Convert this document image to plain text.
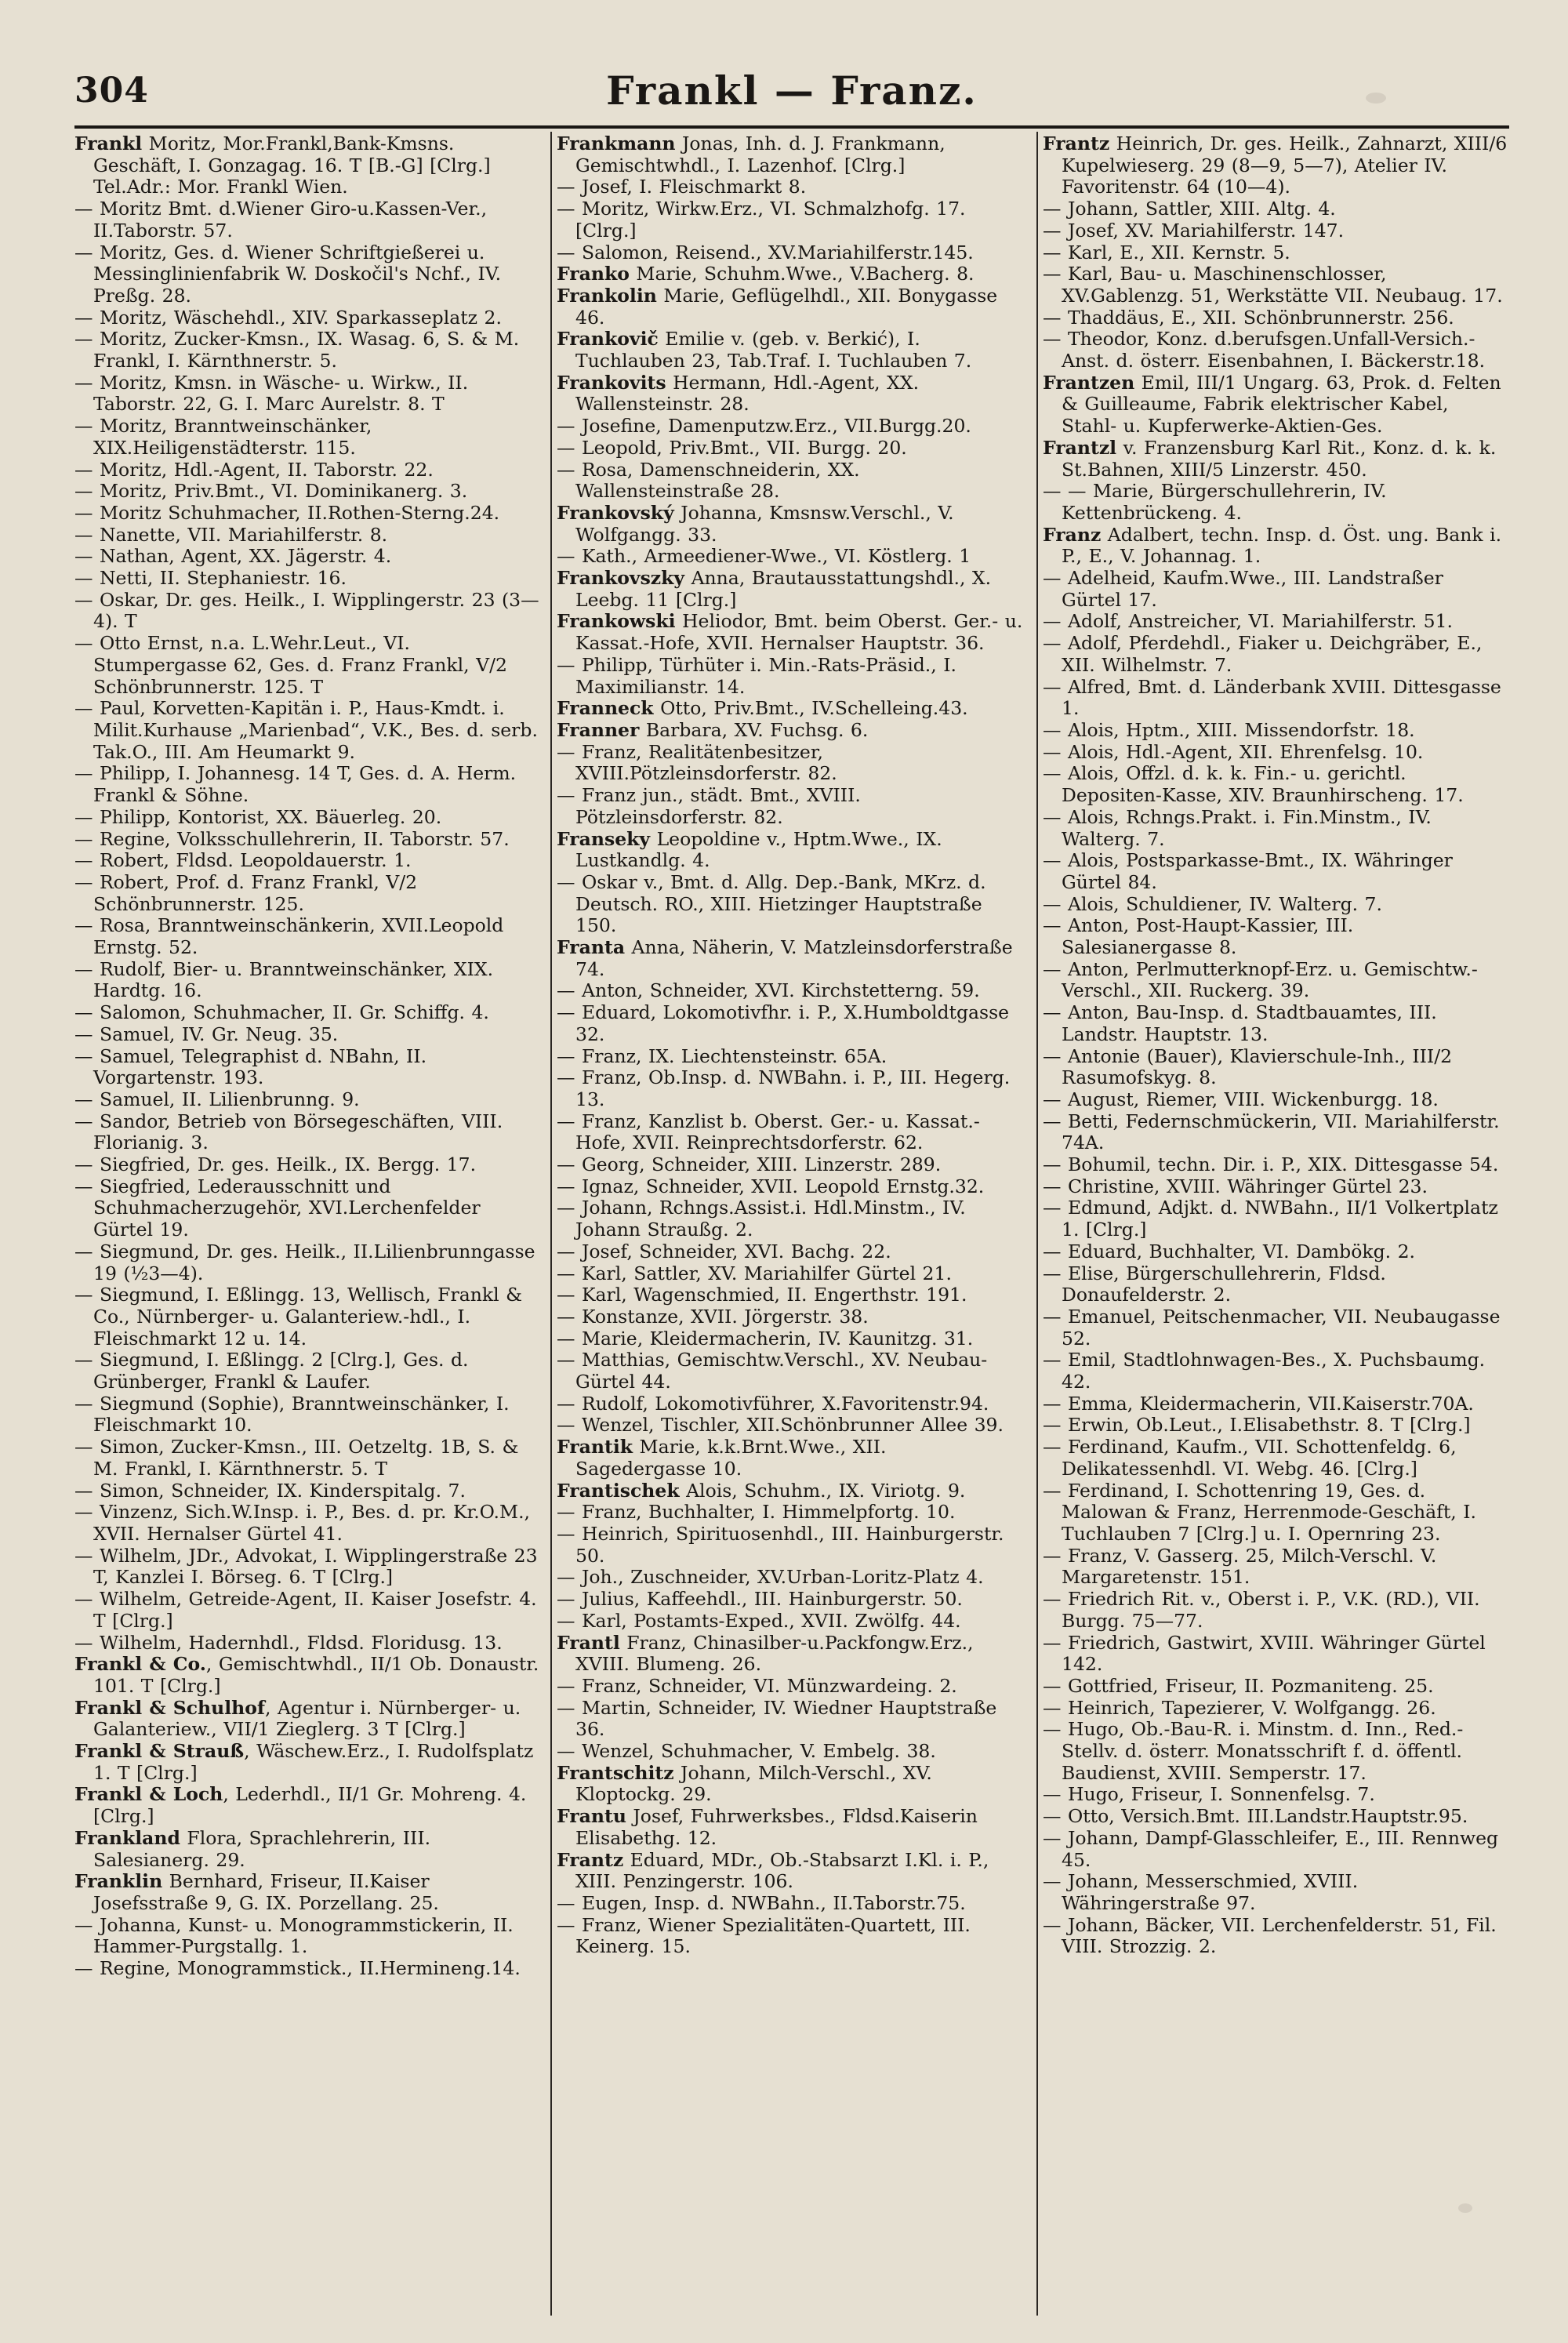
304	Frankl — Franz.
Frankl Moritz, Mor.Frankl,Bank-Kmsns. Geschäft, I. Gonzagag. 16. T [B.-G] [Clrg.] Tel.Adr.: Mor. Frankl Wien.
— Moritz Bmt. d.Wiener Giro-u.Kassen-Ver., II.Taborstr. 57.
— Moritz, Ges. d. Wiener Schriftgießerei u. Messinglinienfabrik W. Doskočil's Nchf., IV. Preßg. 28.
— Moritz, Wäschehdl., XIV. Sparkasseplatz 2.
— Moritz, Zucker-Kmsn., IX. Wasag. 6, S. & M. Frankl, I. Kärnthnerstr. 5.
— Moritz, Kmsn. in Wäsche- u. Wirkw., II. Taborstr. 22, G. I. Marc Aurelstr. 8. T
— Moritz, Branntweinschänker, XIX.Heiligenstädterstr. 115.
— Moritz, Hdl.-Agent, II. Taborstr. 22.
— Moritz, Priv.Bmt., VI. Dominikanerg. 3.
— Moritz Schuhmacher, II.Rothen-Sterng.24.
— Nanette, VII. Mariahilferstr. 8.
— Nathan, Agent, XX. Jägerstr. 4.
— Netti, II. Stephaniestr. 16.
— Oskar, Dr. ges. Heilk., I. Wipplingerstr. 23 (3—4). T
— Otto Ernst, n.a. L.Wehr.Leut., VI. Stumpergasse 62, Ges. d. Franz Frankl, V/2 Schönbrunnerstr. 125. T
— Paul, Korvetten-Kapitän i. P., Haus-Kmdt. i. Milit.Kurhause „Marienbad“, V.K., Bes. d. serb. Tak.O., III. Am Heumarkt 9.
— Philipp, I. Johannesg. 14 T, Ges. d. A. Herm. Frankl & Söhne.
— Philipp, Kontorist, XX. Bäuerleg. 20.
— Regine, Volksschullehrerin, II. Taborstr. 57.
— Robert, Fldsd. Leopoldauerstr. 1.
— Robert, Prof. d. Franz Frankl, V/2 Schönbrunnerstr. 125.
— Rosa, Branntweinschänkerin, XVII.Leopold Ernstg. 52.
— Rudolf, Bier- u. Branntweinschänker, XIX. Hardtg. 16.
— Salomon, Schuhmacher, II. Gr. Schiffg. 4.
— Samuel, IV. Gr. Neug. 35.
— Samuel, Telegraphist d. NBahn, II. Vorgartenstr. 193.
— Samuel, II. Lilienbrunng. 9.
— Sandor, Betrieb von Börsegeschäften, VIII. Florianig. 3.
— Siegfried, Dr. ges. Heilk., IX. Bergg. 17.
— Siegfried, Lederausschnitt und Schuhmacherzugehör, XVI.Lerchenfelder Gürtel 19.
— Siegmund, Dr. ges. Heilk., II.Lilienbrunngasse 19 (½3—4).
— Siegmund, I. Eßlingg. 13, Wellisch, Frankl & Co., Nürnberger- u. Galanteriew.-hdl., I. Fleischmarkt 12 u. 14.
— Siegmund, I. Eßlingg. 2 [Clrg.], Ges. d. Grünberger, Frankl & Laufer.
— Siegmund (Sophie), Branntweinschänker, I. Fleischmarkt 10.
— Simon, Zucker-Kmsn., III. Oetzeltg. 1B, S. & M. Frankl, I. Kärnthnerstr. 5. T
— Simon, Schneider, IX. Kinderspitalg. 7.
— Vinzenz, Sich.W.Insp. i. P., Bes. d. pr. Kr.O.M., XVII. Hernalser Gürtel 41.
— Wilhelm, JDr., Advokat, I. Wipplingerstraße 23 T, Kanzlei I. Börseg. 6. T [Clrg.]
— Wilhelm, Getreide-Agent, II. Kaiser Josefstr. 4. T [Clrg.]
— Wilhelm, Hadernhdl., Fldsd. Floridusg. 13.
Frankl & Co., Gemischtwhdl., II/1 Ob. Donaustr. 101. T [Clrg.]
Frankl & Schulhof, Agentur i. Nürnberger- u. Galanteriew., VII/1 Zieglerg. 3 T [Clrg.]
Frankl & Strauß, Wäschew.Erz., I. Rudolfsplatz 1. T [Clrg.]
Frankl & Loch, Lederhdl., II/1 Gr. Mohreng. 4. [Clrg.]
Frankland Flora, Sprachlehrerin, III. Salesianerg. 29.
Franklin Bernhard, Friseur, II.Kaiser Josefsstraße 9, G. IX. Porzellang. 25.
— Johanna, Kunst- u. Monogrammstickerin, II. Hammer-Purgstallg. 1.
— Regine, Monogrammstick., II.Hermineng.14.
Frankmann Jonas, Inh. d. J. Frankmann, Gemischtwhdl., I. Lazenhof. [Clrg.]
— Josef, I. Fleischmarkt 8.
— Moritz, Wirkw.Erz., VI. Schmalzhofg. 17. [Clrg.]
— Salomon, Reisend., XV.Mariahilferstr.145.
Franko Marie, Schuhm.Wwe., V.Bacherg. 8.
Frankolin Marie, Geflügelhdl., XII. Bonygasse 46.
Frankovič Emilie v. (geb. v. Berkić), I. Tuchlauben 23, Tab.Traf. I. Tuchlauben 7.
Frankovits Hermann, Hdl.-Agent, XX. Wallensteinstr. 28.
— Josefine, Damenputzw.Erz., VII.Burgg.20.
— Leopold, Priv.Bmt., VII. Burgg. 20.
— Rosa, Damenschneiderin, XX. Wallensteinstraße 28.
Frankovský Johanna, Kmsnsw.Verschl., V. Wolfgangg. 33.
— Kath., Armeediener-Wwe., VI. Köstlerg. 1
Frankovszky Anna, Brautausstattungshdl., X. Leebg. 11 [Clrg.]
Frankowski Heliodor, Bmt. beim Oberst. Ger.- u. Kassat.-Hofe, XVII. Hernalser Hauptstr. 36.
— Philipp, Türhüter i. Min.-Rats-Präsid., I. Maximilianstr. 14.
Franneck Otto, Priv.Bmt., IV.Schelleing.43.
Franner Barbara, XV. Fuchsg. 6.
— Franz, Realitätenbesitzer, XVIII.Pötzleinsdorferstr. 82.
— Franz jun., städt. Bmt., XVIII. Pötzleinsdorferstr. 82.
Franseky Leopoldine v., Hptm.Wwe., IX. Lustkandlg. 4.
— Oskar v., Bmt. d. Allg. Dep.-Bank, MKrz. d. Deutsch. RO., XIII. Hietzinger Hauptstraße 150.
Franta Anna, Näherin, V. Matzleinsdorferstraße 74.
— Anton, Schneider, XVI. Kirchstetterng. 59.
— Eduard, Lokomotivfhr. i. P., X.Humboldtgasse 32.
— Franz, IX. Liechtensteinstr. 65A.
— Franz, Ob.Insp. d. NWBahn. i. P., III. Hegerg. 13.
— Franz, Kanzlist b. Oberst. Ger.- u. Kassat.-Hofe, XVII. Reinprechtsdorferstr. 62.
— Georg, Schneider, XIII. Linzerstr. 289.
— Ignaz, Schneider, XVII. Leopold Ernstg.32.
— Johann, Rchngs.Assist.i. Hdl.Minstm., IV. Johann Straußg. 2.
— Josef, Schneider, XVI. Bachg. 22.
— Karl, Sattler, XV. Mariahilfer Gürtel 21.
— Karl, Wagenschmied, II. Engerthstr. 191.
— Konstanze, XVII. Jörgerstr. 38.
— Marie, Kleidermacherin, IV. Kaunitzg. 31.
— Matthias, Gemischtw.Verschl., XV. Neubau-Gürtel 44.
— Rudolf, Lokomotivführer, X.Favoritenstr.94.
— Wenzel, Tischler, XII.Schönbrunner Allee 39.
Frantik Marie, k.k.Brnt.Wwe., XII. Sagedergasse 10.
Frantischek Alois, Schuhm., IX. Viriotg. 9.
— Franz, Buchhalter, I. Himmelpfortg. 10.
— Heinrich, Spirituosenhdl., III. Hainburgerstr. 50.
— Joh., Zuschneider, XV.Urban-Loritz-Platz 4.
— Julius, Kaffeehdl., III. Hainburgerstr. 50.
— Karl, Postamts-Exped., XVII. Zwölfg. 44.
Frantl Franz, Chinasilber-u.Packfongw.Erz., XVIII. Blumeng. 26.
— Franz, Schneider, VI. Münzwardeing. 2.
— Martin, Schneider, IV. Wiedner Hauptstraße 36.
— Wenzel, Schuhmacher, V. Embelg. 38.
Frantschitz Johann, Milch-Verschl., XV. Kloptockg. 29.
Frantu Josef, Fuhrwerksbes., Fldsd.Kaiserin Elisabethg. 12.
Frantz Eduard, MDr., Ob.-Stabsarzt I.Kl. i. P., XIII. Penzingerstr. 106.
— Eugen, Insp. d. NWBahn., II.Taborstr.75.
— Franz, Wiener Spezialitäten-Quartett, III. Keinerg. 15.
Frantz Heinrich, Dr. ges. Heilk., Zahnarzt, XIII/6 Kupelwieserg. 29 (8—9, 5—7), Atelier IV. Favoritenstr. 64 (10—4).
— Johann, Sattler, XIII. Altg. 4.
— Josef, XV. Mariahilferstr. 147.
— Karl, E., XII. Kernstr. 5.
— Karl, Bau- u. Maschinenschlosser, XV.Gablenzg. 51, Werkstätte VII. Neubaug. 17.
— Thaddäus, E., XII. Schönbrunnerstr. 256.
— Theodor, Konz. d.berufsgen.Unfall-Versich.-Anst. d. österr. Eisenbahnen, I. Bäckerstr.18.
Frantzen Emil, III/1 Ungarg. 63, Prok. d. Felten & Guilleaume, Fabrik elektrischer Kabel, Stahl- u. Kupferwerke-Aktien-Ges.
Frantzl v. Franzensburg Karl Rit., Konz. d. k. k. St.Bahnen, XIII/5 Linzerstr. 450.
— — Marie, Bürgerschullehrerin, IV. Kettenbrückeng. 4.
Franz Adalbert, techn. Insp. d. Öst. ung. Bank i. P., E., V. Johannag. 1.
— Adelheid, Kaufm.Wwe., III. Landstraßer Gürtel 17.
— Adolf, Anstreicher, VI. Mariahilferstr. 51.
— Adolf, Pferdehdl., Fiaker u. Deichgräber, E., XII. Wilhelmstr. 7.
— Alfred, Bmt. d. Länderbank XVIII. Dittesgasse 1.
— Alois, Hptm., XIII. Missendorfstr. 18.
— Alois, Hdl.-Agent, XII. Ehrenfelsg. 10.
— Alois, Offzl. d. k. k. Fin.- u. gerichtl. Depositen-Kasse, XIV. Braunhirscheng. 17.
— Alois, Rchngs.Prakt. i. Fin.Minstm., IV. Walterg. 7.
— Alois, Postsparkasse-Bmt., IX. Währinger Gürtel 84.
— Alois, Schuldiener, IV. Walterg. 7.
— Anton, Post-Haupt-Kassier, III. Salesianergasse 8.
— Anton, Perlmutterknopf-Erz. u. Gemischtw.-Verschl., XII. Ruckerg. 39.
— Anton, Bau-Insp. d. Stadtbauamtes, III. Landstr. Hauptstr. 13.
— Antonie (Bauer), Klavierschule-Inh., III/2 Rasumofskyg. 8.
— August, Riemer, VIII. Wickenburgg. 18.
— Betti, Federnschmückerin, VII. Mariahilferstr. 74A.
— Bohumil, techn. Dir. i. P., XIX. Dittesgasse 54.
— Christine, XVIII. Währinger Gürtel 23.
— Edmund, Adjkt. d. NWBahn., II/1 Volkertplatz 1. [Clrg.]
— Eduard, Buchhalter, VI. Dambökg. 2.
— Elise, Bürgerschullehrerin, Fldsd. Donaufelderstr. 2.
— Emanuel, Peitschenmacher, VII. Neubaugasse 52.
— Emil, Stadtlohnwagen-Bes., X. Puchsbaumg. 42.
— Emma, Kleidermacherin, VII.Kaiserstr.70A.
— Erwin, Ob.Leut., I.Elisabethstr. 8. T [Clrg.]
— Ferdinand, Kaufm., VII. Schottenfeldg. 6, Delikatessenhdl. VI. Webg. 46. [Clrg.]
— Ferdinand, I. Schottenring 19, Ges. d. Malowan & Franz, Herrenmode-Geschäft, I. Tuchlauben 7 [Clrg.] u. I. Opernring 23.
— Franz, V. Gasserg. 25, Milch-Verschl. V. Margaretenstr. 151.
— Friedrich Rit. v., Oberst i. P., V.K. (RD.), VII. Burgg. 75—77.
— Friedrich, Gastwirt, XVIII. Währinger Gürtel 142.
— Gottfried, Friseur, II. Pozmaniteng. 25.
— Heinrich, Tapezierer, V. Wolfgangg. 26.
— Hugo, Ob.-Bau-R. i. Minstm. d. Inn., Red.-Stellv. d. österr. Monatsschrift f. d. öffentl. Baudienst, XVIII. Semperstr. 17.
— Hugo, Friseur, I. Sonnenfelsg. 7.
— Otto, Versich.Bmt. III.Landstr.Hauptstr.95.
— Johann, Dampf-Glasschleifer, E., III. Rennweg 45.
— Johann, Messerschmied, XVIII. Währingerstraße 97.
— Johann, Bäcker, VII. Lerchenfelderstr. 51, Fil. VIII. Strozzig. 2.
